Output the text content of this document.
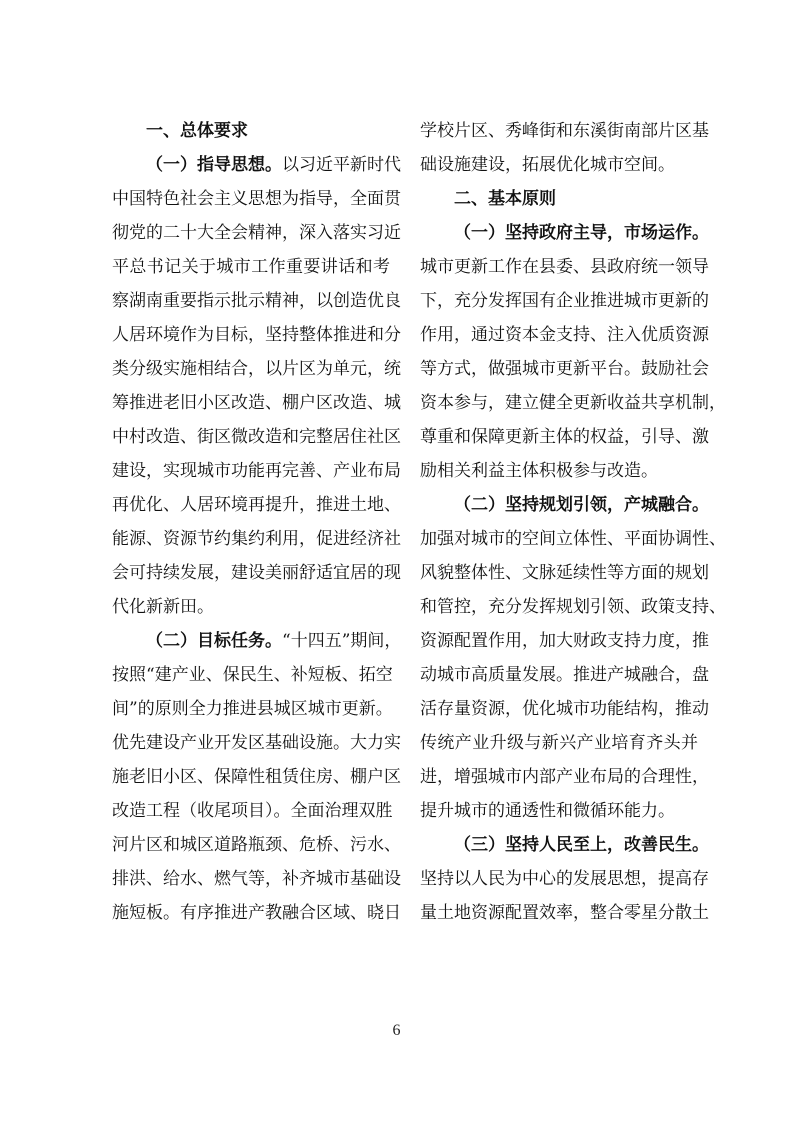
一、总体要求
（一）指导思想。以习近平新时代
中国特色社会主义思想为指导，全面贯
彻党的二十大全会精神，深入落实习近
平总书记关于城市工作重要讲话和考
察湖南重要指示批示精神，以创造优良
人居环境作为目标，坚持整体推进和分
类分级实施相结合，以片区为单元，统
筹推进老旧小区改造、棚户区改造、城
中村改造、街区微改造和完整居住社区
建设，实现城市功能再完善、产业布局
再优化、人居环境再提升，推进土地、
能源、资源节约集约利用，促进经济社
会可持续发展，建设美丽舒适宜居的现
代化新新田。
（二）目标任务。“十四五”期间，
按照“建产业、保民生、补短板、拓空
间”的原则全力推进县城区城市更新。
优先建设产业开发区基础设施。大力实
施老旧小区、保障性租赁住房、棚户区
改造工程（收尾项目）。全面治理双胜
河片区和城区道路瓶颈、危桥、污水、
排洪、给水、燃气等，补齐城市基础设
施短板。有序推进产教融合区域、晓日
学校片区、秀峰街和东溪街南部片区基
础设施建设，拓展优化城市空间。
二、基本原则
（一）坚持政府主导，市场运作。
城市更新工作在县委、县政府统一领导
下，充分发挥国有企业推进城市更新的
作用，通过资本金支持、注入优质资源
等方式，做强城市更新平台。鼓励社会
资本参与，建立健全更新收益共享机制，
尊重和保障更新主体的权益，引导、激
励相关利益主体积极参与改造。
（二）坚持规划引领，产城融合。
加强对城市的空间立体性、平面协调性、
风貌整体性、文脉延续性等方面的规划
和管控，充分发挥规划引领、政策支持、
资源配置作用，加大财政支持力度，推
动城市高质量发展。推进产城融合，盘
活存量资源，优化城市功能结构，推动
传统产业升级与新兴产业培育齐头并
进，增强城市内部产业布局的合理性，
提升城市的通透性和微循环能力。
（三）坚持人民至上，改善民生。
坚持以人民为中心的发展思想，提高存
量土地资源配置效率，整合零星分散土
6
